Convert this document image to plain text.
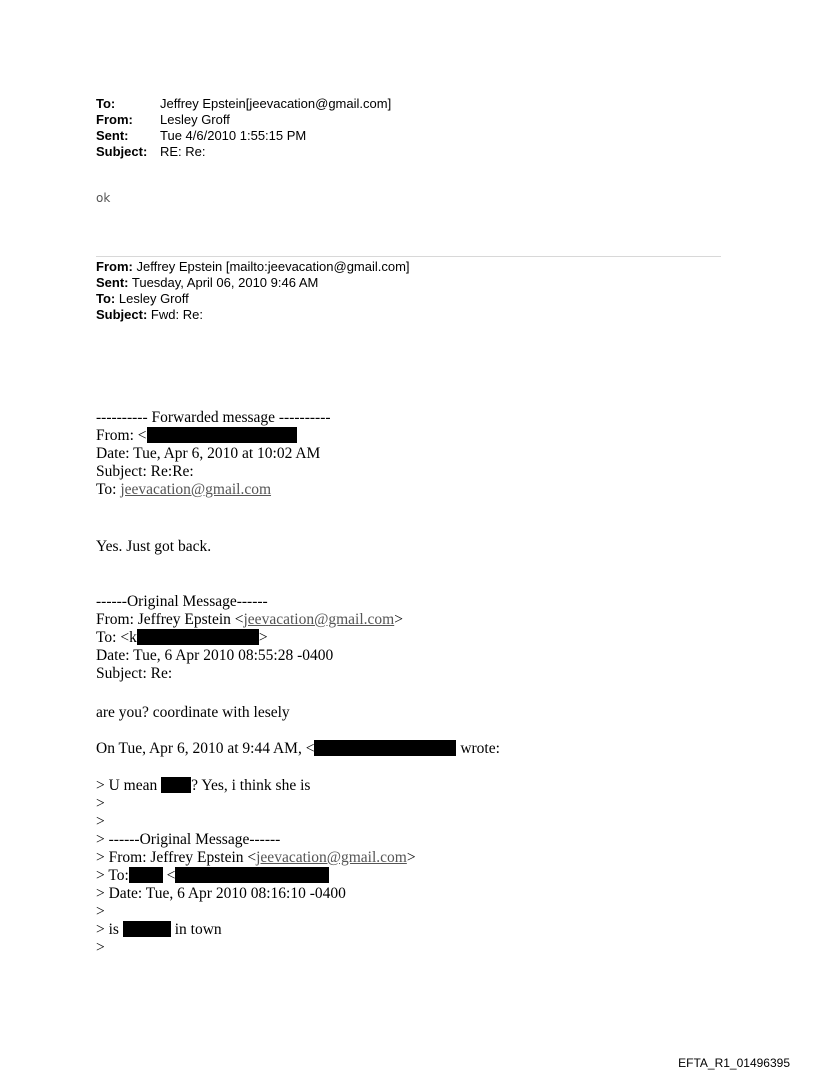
To:	Jeffrey Epstein[jeevacation@gmail.com]
From: Lesley Groff
Sent: Tue 4/6/2010 1:55:15 PM
Subject: RE: Re:
ok
From: Jeffrey Epstein [mailto:jeevacation@gmail.com]
Sent: Tuesday, April 06, 2010 9:46 AM
To: Lesley Groff
Subject: Fwd: Re:
---------- Forwarded message ----------
From: <
Date: Tue, Apr 6, 2010 at 10:02 AM
Subject: Re:Re:
To: jeevacation@gmail.com
Yes. Just got back.
------Original Message------
From: Jeffrey Epstein <jeevacation@gmail.com>
To: <k	>
Date: Tue, 6 Apr 2010 08:55:28 -0400
Subject: Re:
are you? coordinate with lesely
On Tue, Apr 6, 2010 at 9:44 AM, <	wrote:
> U mean ? Yes, i think she is
>
>
> ------Original Message------
> From: Jeffrey Epstein <jeevacation@gmail.com>
> To: <
> Date: Tue, 6 Apr 2010 08:16:10 -0400
>
> is	in town
>
EFTA_R1_01496395
